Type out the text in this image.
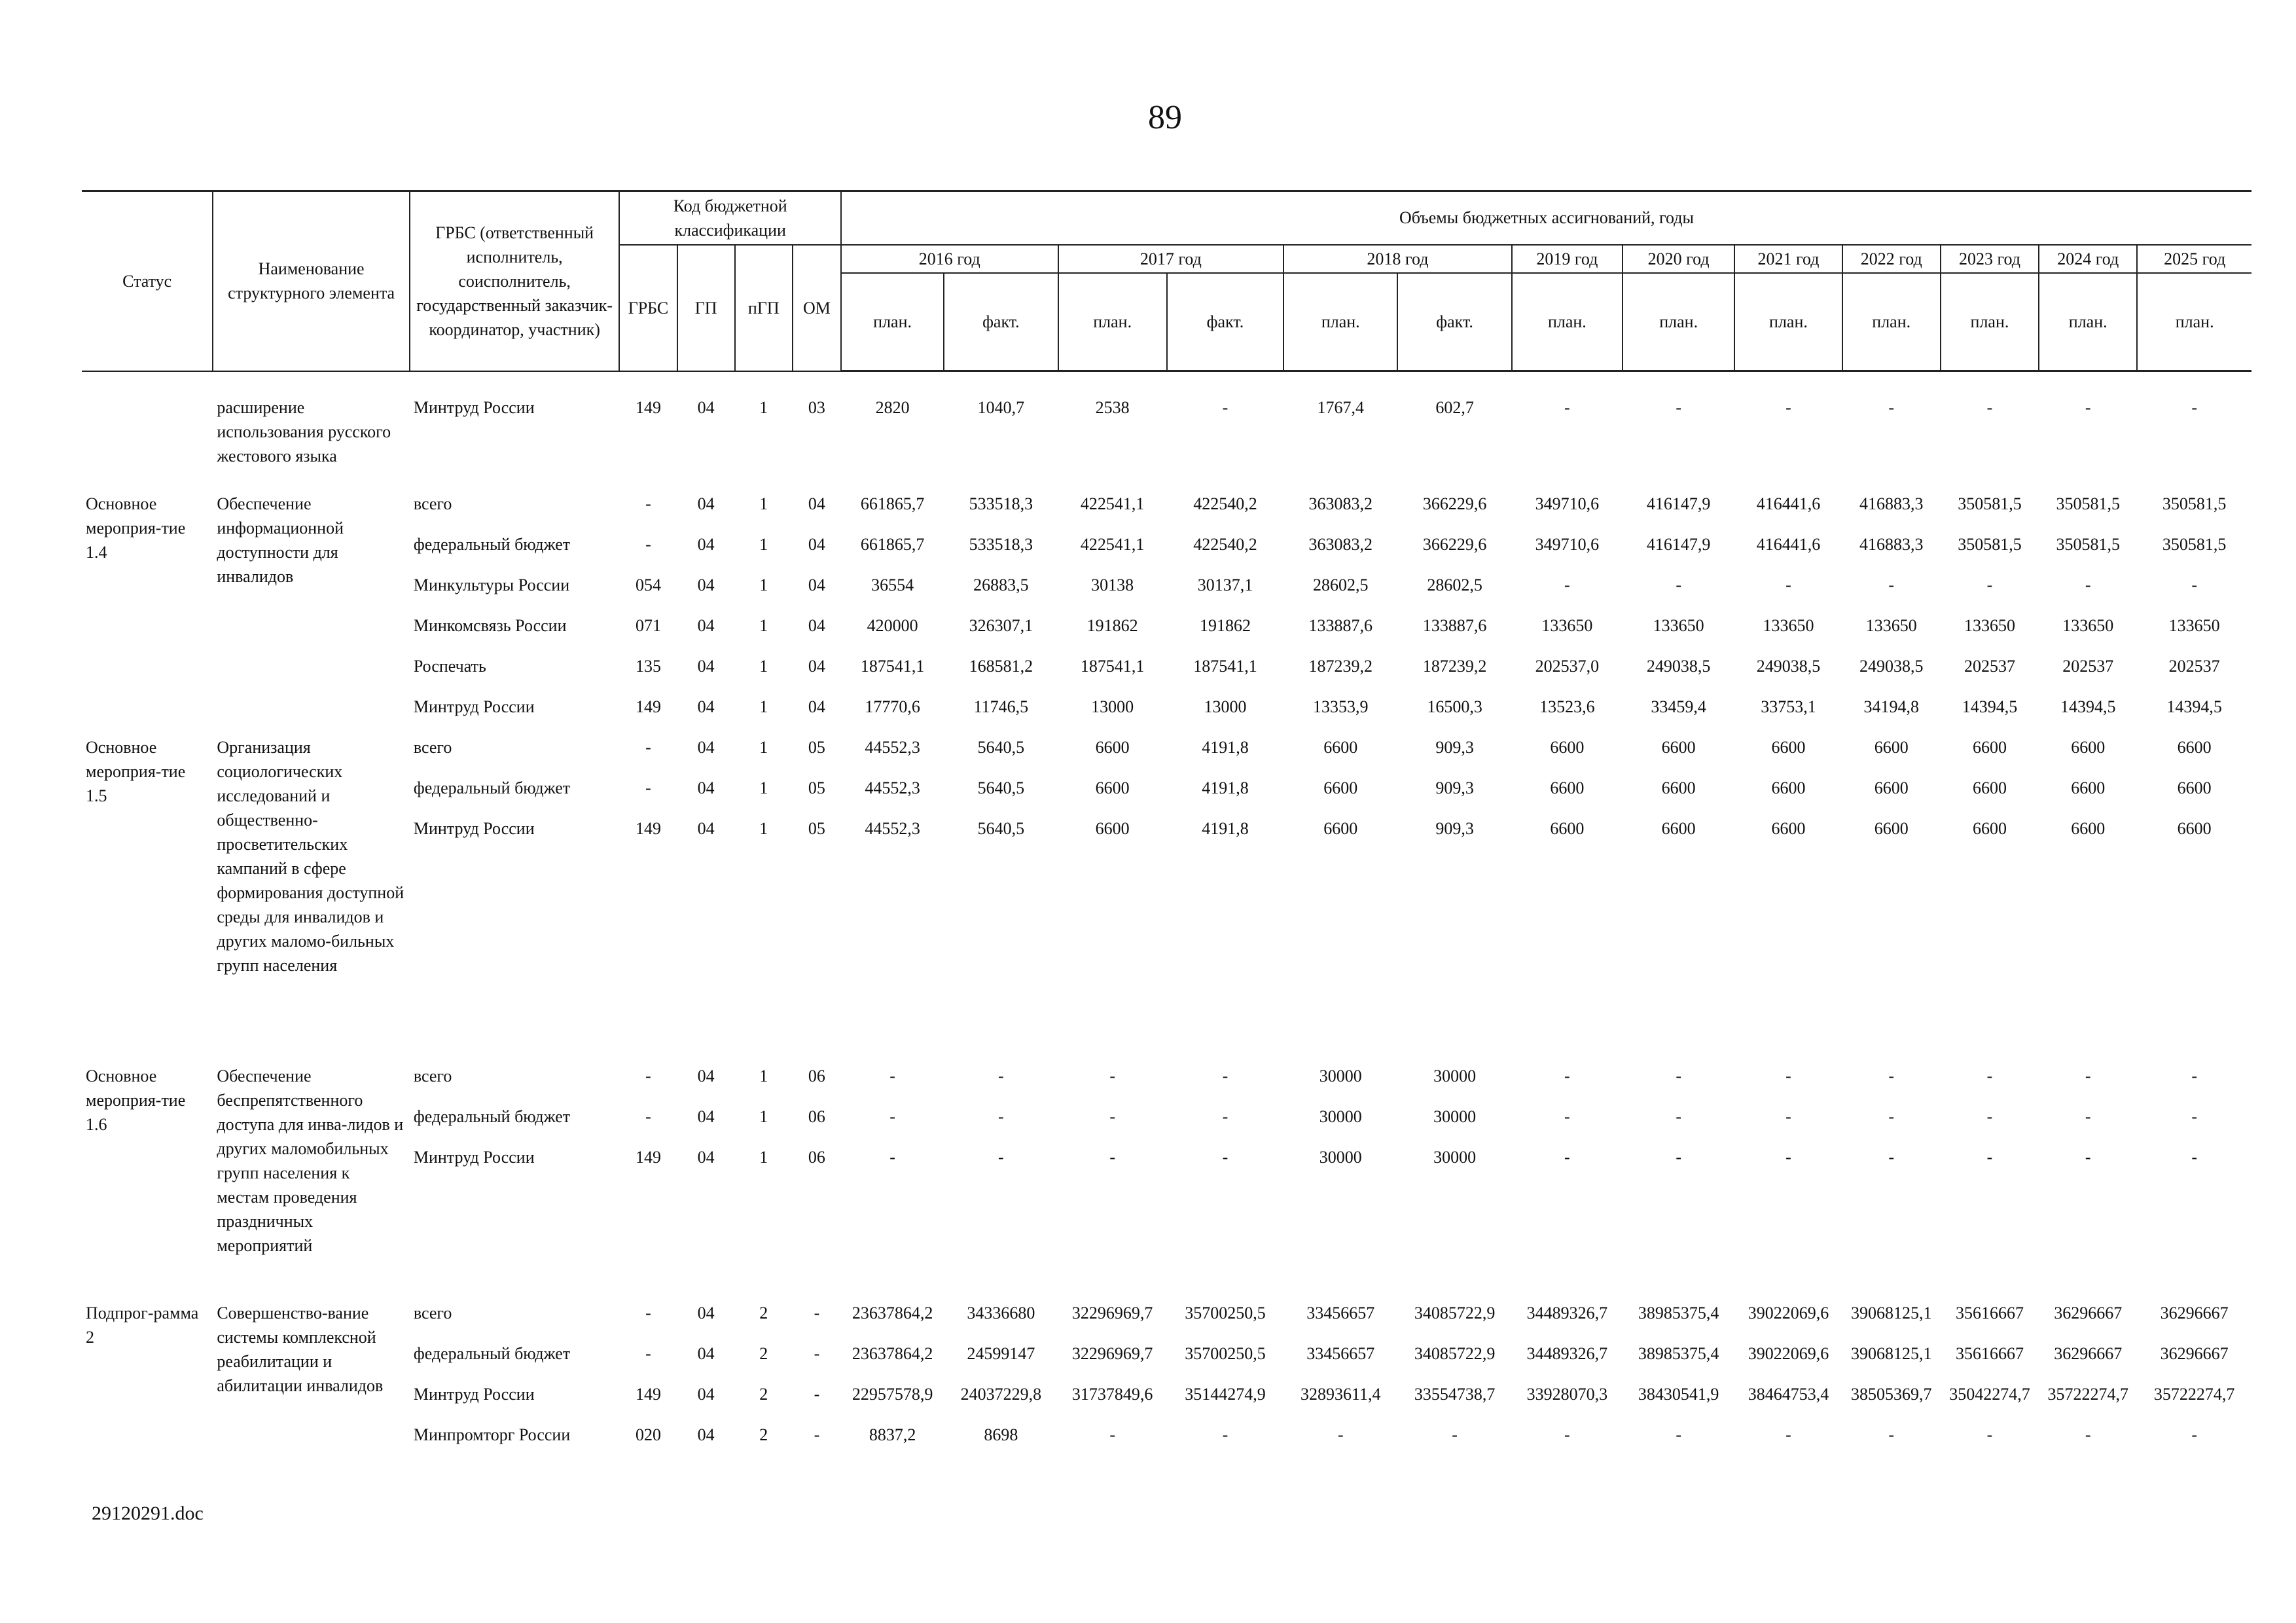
89
Статус	Наименование структурного элемента	ГРБС (ответственный исполнитель, соисполнитель, государственный заказчик-координатор, участник)	Код бюджетной классификации				Объемы бюджетных ассигнований, годы												
			ГРБС	ГП	пГП	ОМ	2016 год		2017 год		2018 год		2019 год	2020 год	2021 год	2022 год	2023 год	2024 год	2025 год
							план.	факт.	план.	факт.	план.	факт.	план.	план.	план.	план.	план.	план.	план.
	расширение использования русского жестового языка	Минтруд России	149	04	1	03	2820	1040,7	2538	-	1767,4	602,7	-	-	-	-	-	-	-
Основное мероприя-тие 1.4	Обеспечение информационной доступности для инвалидов	всего	-	04	1	04	661865,7	533518,3	422541,1	422540,2	363083,2	366229,6	349710,6	416147,9	416441,6	416883,3	350581,5	350581,5	350581,5
		федеральный бюджет	-	04	1	04	661865,7	533518,3	422541,1	422540,2	363083,2	366229,6	349710,6	416147,9	416441,6	416883,3	350581,5	350581,5	350581,5
		Минкультуры России	054	04	1	04	36554	26883,5	30138	30137,1	28602,5	28602,5	-	-	-	-	-	-	-
		Минкомсвязь России	071	04	1	04	420000	326307,1	191862	191862	133887,6	133887,6	133650	133650	133650	133650	133650	133650	133650
		Роспечать	135	04	1	04	187541,1	168581,2	187541,1	187541,1	187239,2	187239,2	202537,0	249038,5	249038,5	249038,5	202537	202537	202537
		Минтруд России	149	04	1	04	17770,6	11746,5	13000	13000	13353,9	16500,3	13523,6	33459,4	33753,1	34194,8	14394,5	14394,5	14394,5
Основное мероприя-тие 1.5	Организация социологических исследований и общественно-просветительских кампаний в сфере формирования доступной среды для инвалидов и других маломо-бильных групп населения	всего	-	04	1	05	44552,3	5640,5	6600	4191,8	6600	909,3	6600	6600	6600	6600	6600	6600	6600
		федеральный бюджет	-	04	1	05	44552,3	5640,5	6600	4191,8	6600	909,3	6600	6600	6600	6600	6600	6600	6600
		Минтруд России	149	04	1	05	44552,3	5640,5	6600	4191,8	6600	909,3	6600	6600	6600	6600	6600	6600	6600
Основное мероприя-тие 1.6	Обеспечение беспрепятственного доступа для инва-лидов и других маломобильных групп населения к местам проведения праздничных мероприятий	всего	-	04	1	06	-	-	-	-	30000	30000	-	-	-	-	-	-	-
		федеральный бюджет	-	04	1	06	-	-	-	-	30000	30000	-	-	-	-	-	-	-
		Минтруд России	149	04	1	06	-	-	-	-	30000	30000	-	-	-	-	-	-	-
Подпрог-рамма 2	Совершенство-вание системы комплексной реабилитации и абилитации инвалидов	всего	-	04	2	-	23637864,2	34336680	32296969,7	35700250,5	33456657	34085722,9	34489326,7	38985375,4	39022069,6	39068125,1	35616667	36296667	36296667
		федеральный бюджет	-	04	2	-	23637864,2	24599147	32296969,7	35700250,5	33456657	34085722,9	34489326,7	38985375,4	39022069,6	39068125,1	35616667	36296667	36296667
		Минтруд России	149	04	2	-	22957578,9	24037229,8	31737849,6	35144274,9	32893611,4	33554738,7	33928070,3	38430541,9	38464753,4	38505369,7	35042274,7	35722274,7	35722274,7
		Минпромторг России	020	04	2	-	8837,2	8698	-	-	-	-	-	-	-	-	-	-	-
29120291.doc
